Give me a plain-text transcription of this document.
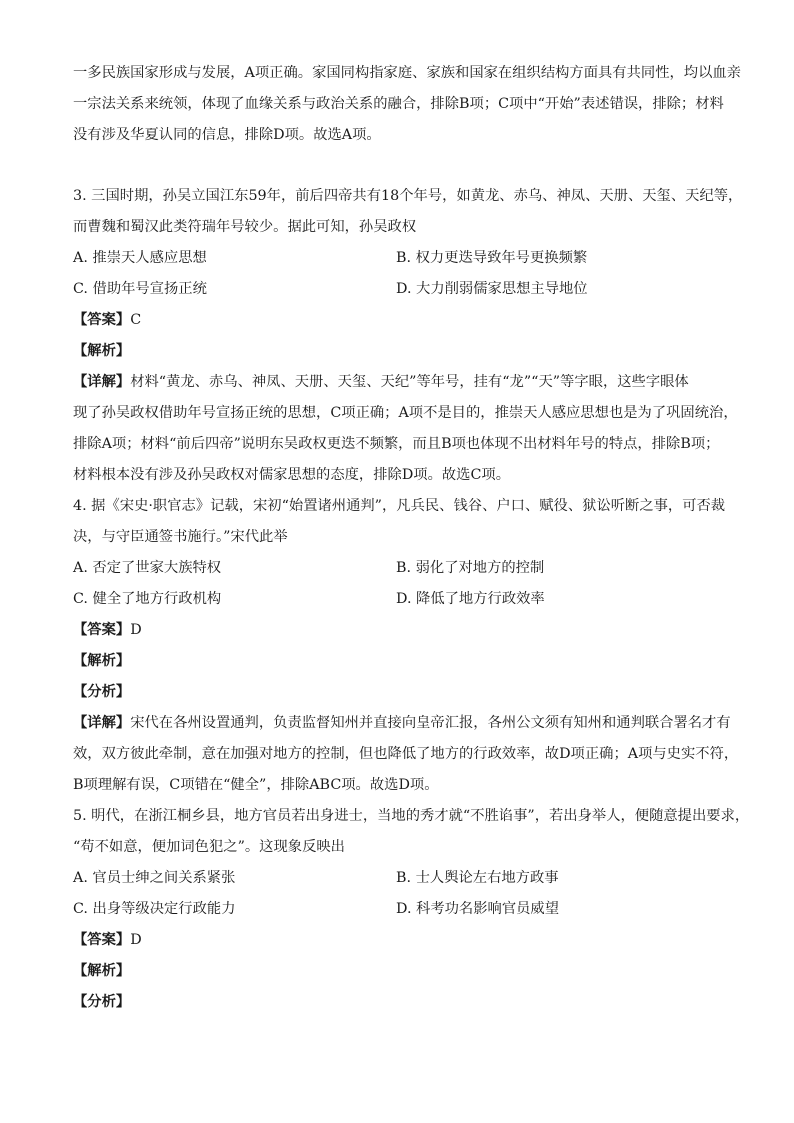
一多民族国家形成与发展，A项正确。家国同构指家庭、家族和国家在组织结构方面具有共同性，均以血亲
一宗法关系来统领，体现了血缘关系与政治关系的融合，排除B项；C项中“开始”表述错误，排除；材料
没有涉及华夏认同的信息，排除D项。故选A项。

3. 三国时期，孙吴立国江东59年，前后四帝共有18个年号，如黄龙、赤乌、神凤、天册、天玺、天纪等，
而曹魏和蜀汉此类符瑞年号较少。据此可知，孙吴政权

A. 推崇天人感应思想	B. 权力更迭导致年号更换频繁
C. 借助年号宣扬正统	D. 大力削弱儒家思想主导地位

【答案】C

【解析】

【详解】材料“黄龙、赤乌、神凤、天册、天玺、天纪”等年号，挂有“龙”“天”等字眼，这些字眼体
现了孙吴政权借助年号宣扬正统的思想，C项正确；A项不是目的，推崇天人感应思想也是为了巩固统治，
排除A项；材料“前后四帝”说明东吴政权更迭不频繁，而且B项也体现不出材料年号的特点，排除B项；
材料根本没有涉及孙吴政权对儒家思想的态度，排除D项。故选C项。

4. 据《宋史·职官志》记载，宋初“始置诸州通判”，凡兵民、钱谷、户口、赋役、狱讼听断之事，可否裁
决，与守臣通签书施行。”宋代此举

A. 否定了世家大族特权	B. 弱化了对地方的控制
C. 健全了地方行政机构	D. 降低了地方行政效率

【答案】D

【解析】

【分析】

【详解】宋代在各州设置通判，负责监督知州并直接向皇帝汇报，各州公文须有知州和通判联合署名才有
效，双方彼此牵制，意在加强对地方的控制，但也降低了地方的行政效率，故D项正确；A项与史实不符，
B项理解有误，C项错在“健全”，排除ABC项。故选D项。

5. 明代，在浙江桐乡县，地方官员若出身进士，当地的秀才就“不胜谄事”，若出身举人，便随意提出要求，
“苟不如意，便加词色犯之”。这现象反映出

A. 官员士绅之间关系紧张	B. 士人舆论左右地方政事
C. 出身等级决定行政能力	D. 科考功名影响官员威望

【答案】D

【解析】

【分析】
